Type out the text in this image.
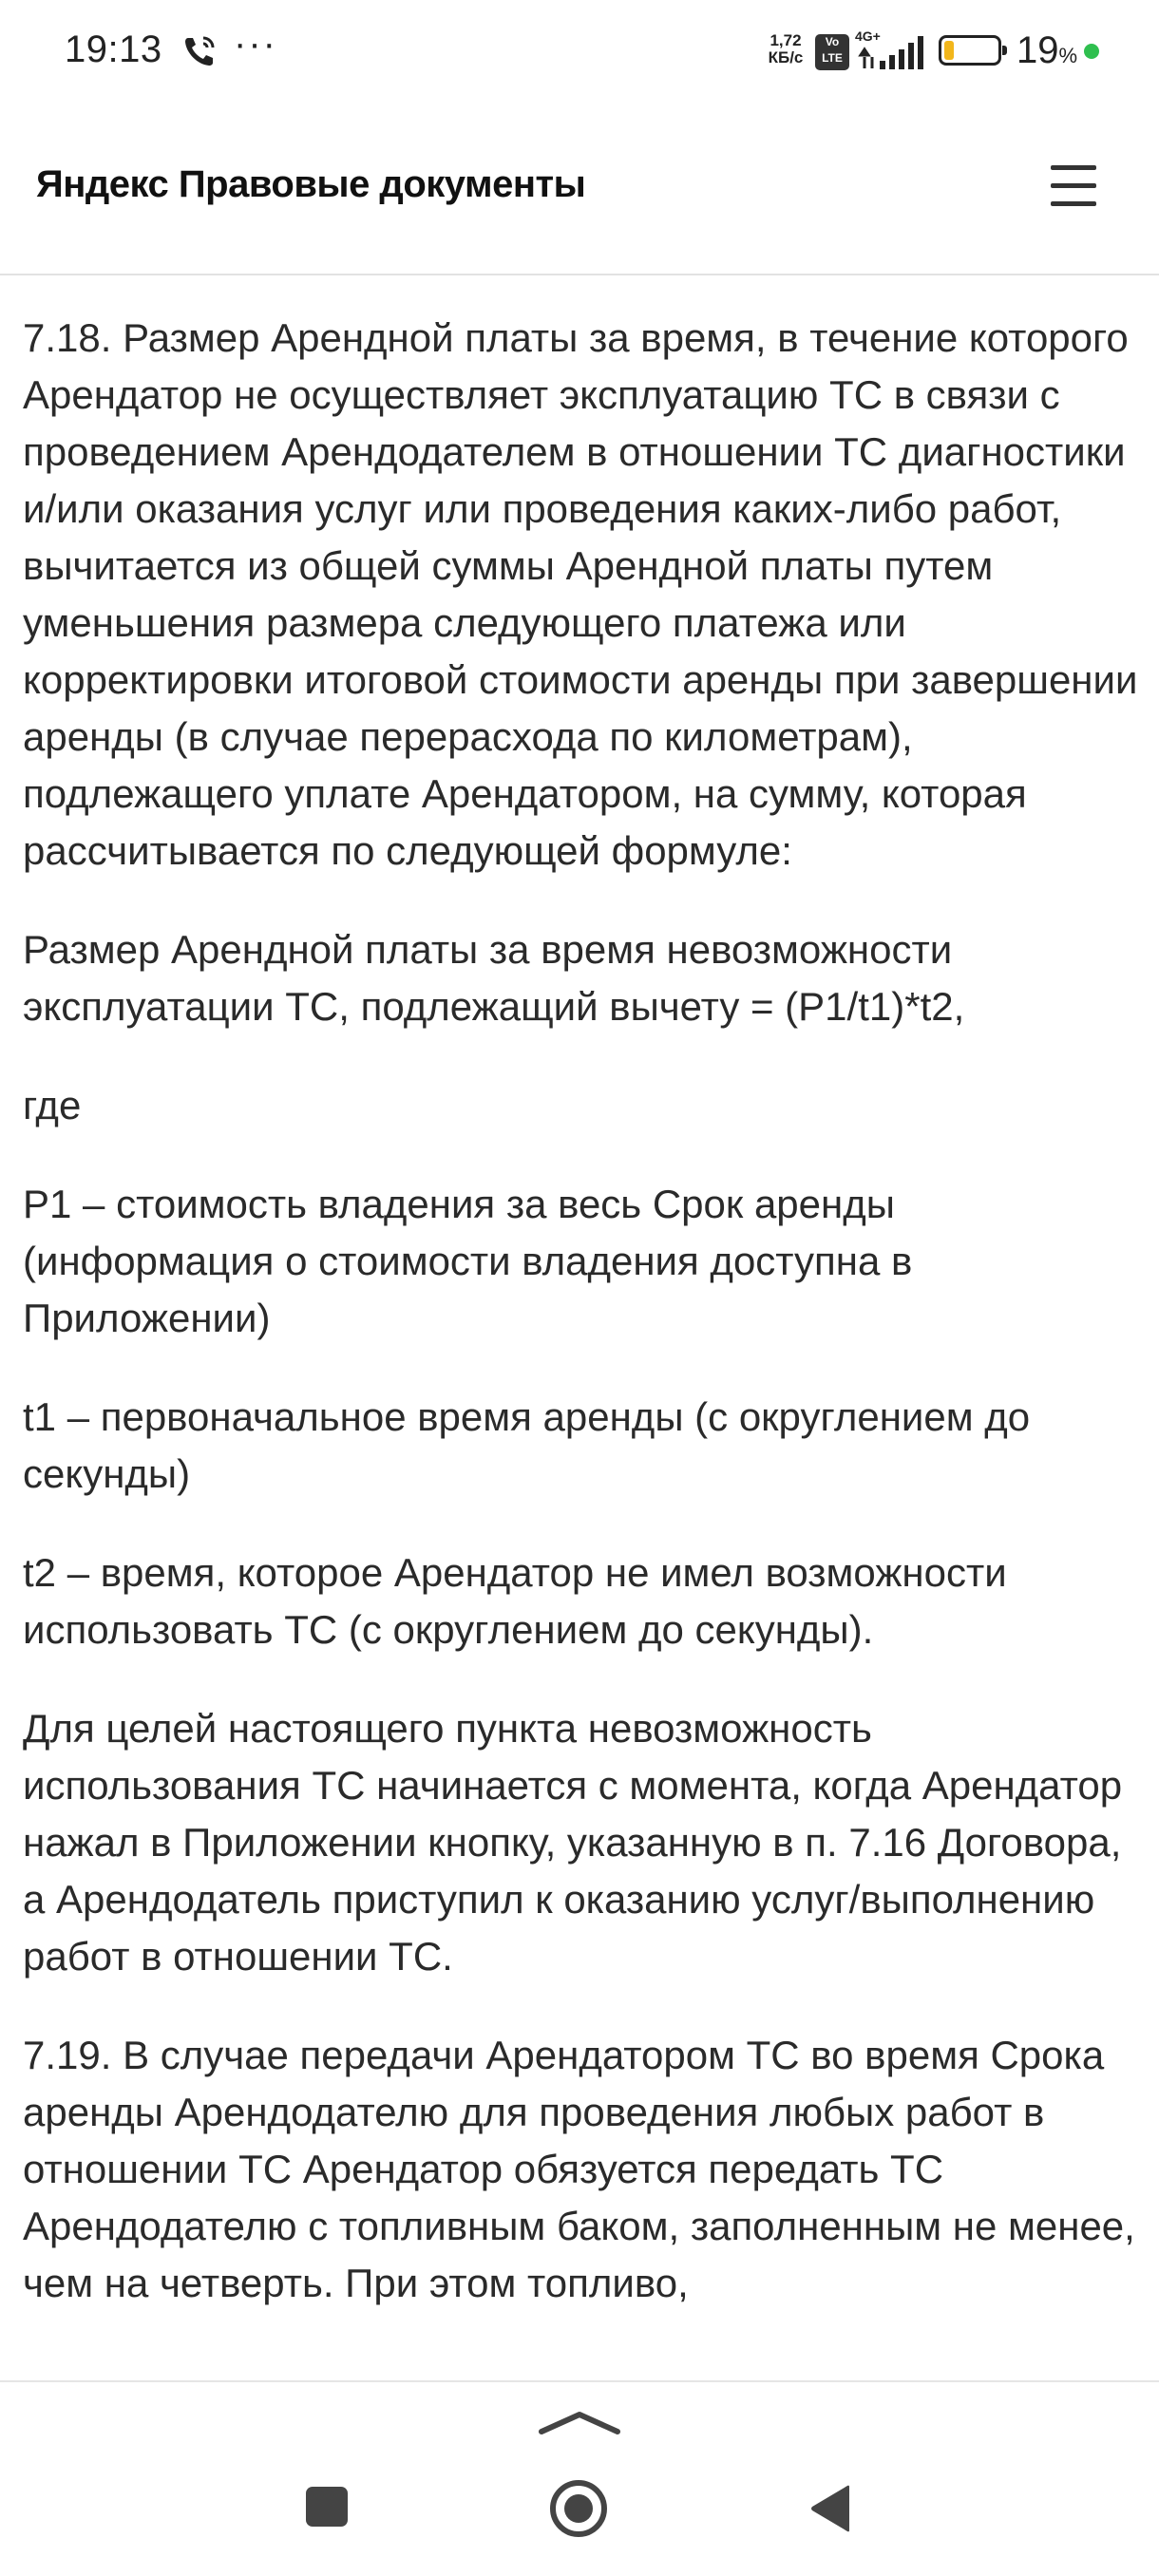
19:13 ···	1,72
КБ/с
Vo
LTE
4G+	19%
Яндекс Правовые документы

7.18. Размер Арендной платы за время, в течение которого Арендатор не осуществляет эксплуатацию ТС в связи с проведением Арендодателем в отношении ТС диагностики и/или оказания услуг или проведения каких-либо работ, вычитается из общей суммы Арендной платы путем уменьшения размера следующего платежа или корректировки итоговой стоимости аренды при завершении аренды (в случае перерасхода по километрам), подлежащего уплате Арендатором, на сумму, которая рассчитывается по следующей формуле:

Размер Арендной платы за время невозможности эксплуатации ТС, подлежащий вычету = (P1/t1)*t2,

где

P1 – стоимость владения за весь Срок аренды (информация о стоимости владения доступна в Приложении)

t1 – первоначальное время аренды (с округлением до секунды)

t2 – время, которое Арендатор не имел возможности использовать ТС (с округлением до секунды).

Для целей настоящего пункта невозможность использования ТС начинается с момента, когда Арендатор нажал в Приложении кнопку, указанную в п. 7.16 Договора, а Арендодатель приступил к оказанию услуг/выполнению работ в отношении ТС.

7.19. В случае передачи Арендатором ТС во время Срока аренды Арендодателю для проведения любых работ в отношении ТС Арендатор обязуется передать ТС Арендодателю с топливным баком, заполненным не менее, чем на четверть. При этом топливо,
